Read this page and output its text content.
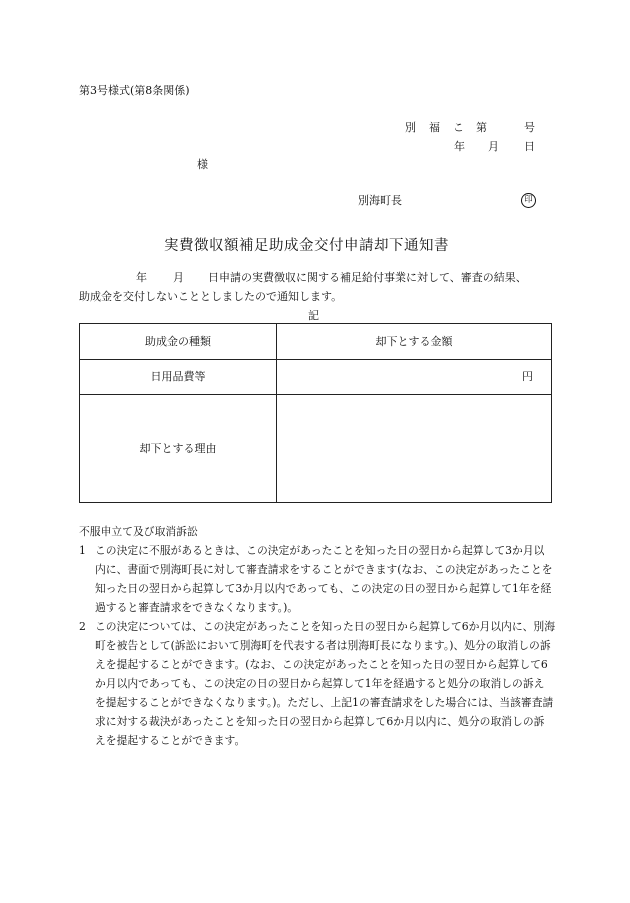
第3号様式(第8条関係)
別 福 こ 第	号
年 月 日
様
別海町長	印
実費徴収額補足助成金交付申請却下通知書
年 月 日申請の実費徴収に関する補足給付事業に対して、審査の結果、
助成金を交付しないこととしましたので通知します。
記
助成金の種類	却下とする金額
日用品費等	円
却下とする理由	
不服申立て及び取消訴訟
1 この決定に不服があるときは、この決定があったことを知った日の翌日から起算して3か月以内に、書面で別海町長に対して審査請求をすることができます(なお、この決定があったことを知った日の翌日から起算して3か月以内であっても、この決定の日の翌日から起算して1年を経過すると審査請求をできなくなります。)。
2 この決定については、この決定があったことを知った日の翌日から起算して6か月以内に、別海町を被告として(訴訟において別海町を代表する者は別海町長になります。)、処分の取消しの訴えを提起することができます。(なお、この決定があったことを知った日の翌日から起算して6か月以内であっても、この決定の日の翌日から起算して1年を経過すると処分の取消しの訴えを提起することができなくなります。)。ただし、上記1の審査請求をした場合には、当該審査請求に対する裁決があったことを知った日の翌日から起算して6か月以内に、処分の取消しの訴えを提起することができます。
